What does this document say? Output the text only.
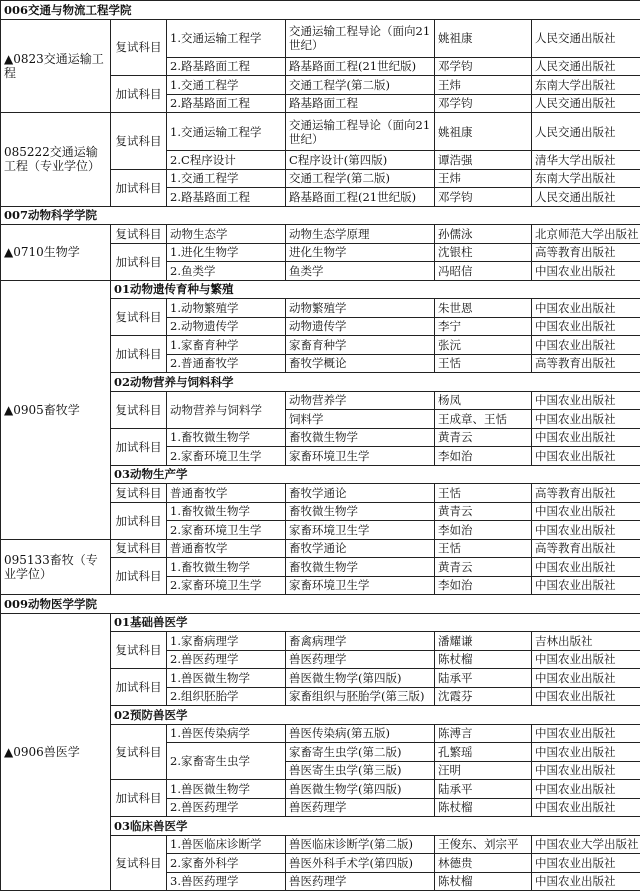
006交通与物流工程学院					
▲0823交通运输工程	复试科目	1.交通运输工程学	交通运输工程导论（面向21世纪）	姚祖康	人民交通出版社
		2.路基路面工程	路基路面工程(21世纪版)	邓学钧	人民交通出版社
	加试科目	1.交通工程学	交通工程学(第二版)	王炜	东南大学出版社
		2.路基路面工程	路基路面工程	邓学钧	人民交通出版社
085222交通运输工程（专业学位）	复试科目	1.交通运输工程学	交通运输工程导论（面向21世纪）	姚祖康	人民交通出版社
		2.C程序设计	C程序设计(第四版)	谭浩强	清华大学出版社
	加试科目	1.交通工程学	交通工程学(第二版)	王炜	东南大学出版社
		2.路基路面工程	路基路面工程(21世纪版)	邓学钧	人民交通出版社
007动物科学学院					
▲0710生物学	复试科目	动物生态学	动物生态学原理	孙儒泳	北京师范大学出版社
	加试科目	1.进化生物学	进化生物学	沈银柱	高等教育出版社
		2.鱼类学	鱼类学	冯昭信	中国农业出版社
▲0905畜牧学	01动物遗传育种与繁殖				
	复试科目	1.动物繁殖学	动物繁殖学	朱世恩	中国农业出版社
		2.动物遗传学	动物遗传学	李宁	中国农业出版社
	加试科目	1.家畜育种学	家畜育种学	张沅	中国农业出版社
		2.普通畜牧学	畜牧学概论	王恬	高等教育出版社
	02动物营养与饲料科学				
	复试科目	动物营养与饲料学	动物营养学	杨凤	中国农业出版社
			饲料学	王成章、王恬	中国农业出版社
	加试科目	1.畜牧微生物学	畜牧微生物学	黄青云	中国农业出版社
		2.家畜环境卫生学	家畜环境卫生学	李如治	中国农业出版社
	03动物生产学				
	复试科目	普通畜牧学	畜牧学通论	王恬	高等教育出版社
	加试科目	1.畜牧微生物学	畜牧微生物学	黄青云	中国农业出版社
		2.家畜环境卫生学	家畜环境卫生学	李如治	中国农业出版社
095133畜牧（专业学位）	复试科目	普通畜牧学	畜牧学通论	王恬	高等教育出版社
	加试科目	1.畜牧微生物学	畜牧微生物学	黄青云	中国农业出版社
		2.家畜环境卫生学	家畜环境卫生学	李如治	中国农业出版社
009动物医学学院					
▲0906兽医学	01基础兽医学				
	复试科目	1.家畜病理学	畜禽病理学	潘耀谦	吉林出版社
		2.兽医药理学	兽医药理学	陈杖榴	中国农业出版社
	加试科目	1.兽医微生物学	兽医微生物学(第四版)	陆承平	中国农业出版社
		2.组织胚胎学	家畜组织与胚胎学(第三版)	沈霞芬	中国农业出版社
	02预防兽医学				
	复试科目	1.兽医传染病学	兽医传染病(第五版)	陈溥言	中国农业出版社
		2.家畜寄生虫学	家畜寄生虫学(第二版)	孔繁瑶	中国农业出版社
			兽医寄生虫学(第三版)	汪明	中国农业出版社
	加试科目	1.兽医微生物学	兽医微生物学(第四版)	陆承平	中国农业出版社
		2.兽医药理学	兽医药理学	陈杖榴	中国农业出版社
	03临床兽医学				
	复试科目	1.兽医临床诊断学	兽医临床诊断学(第二版)	王俊东、刘宗平	中国农业大学出版社
		2.家畜外科学	兽医外科手术学(第四版)	林德贵	中国农业出版社
		3.兽医药理学	兽医药理学	陈杖榴	中国农业出版社
